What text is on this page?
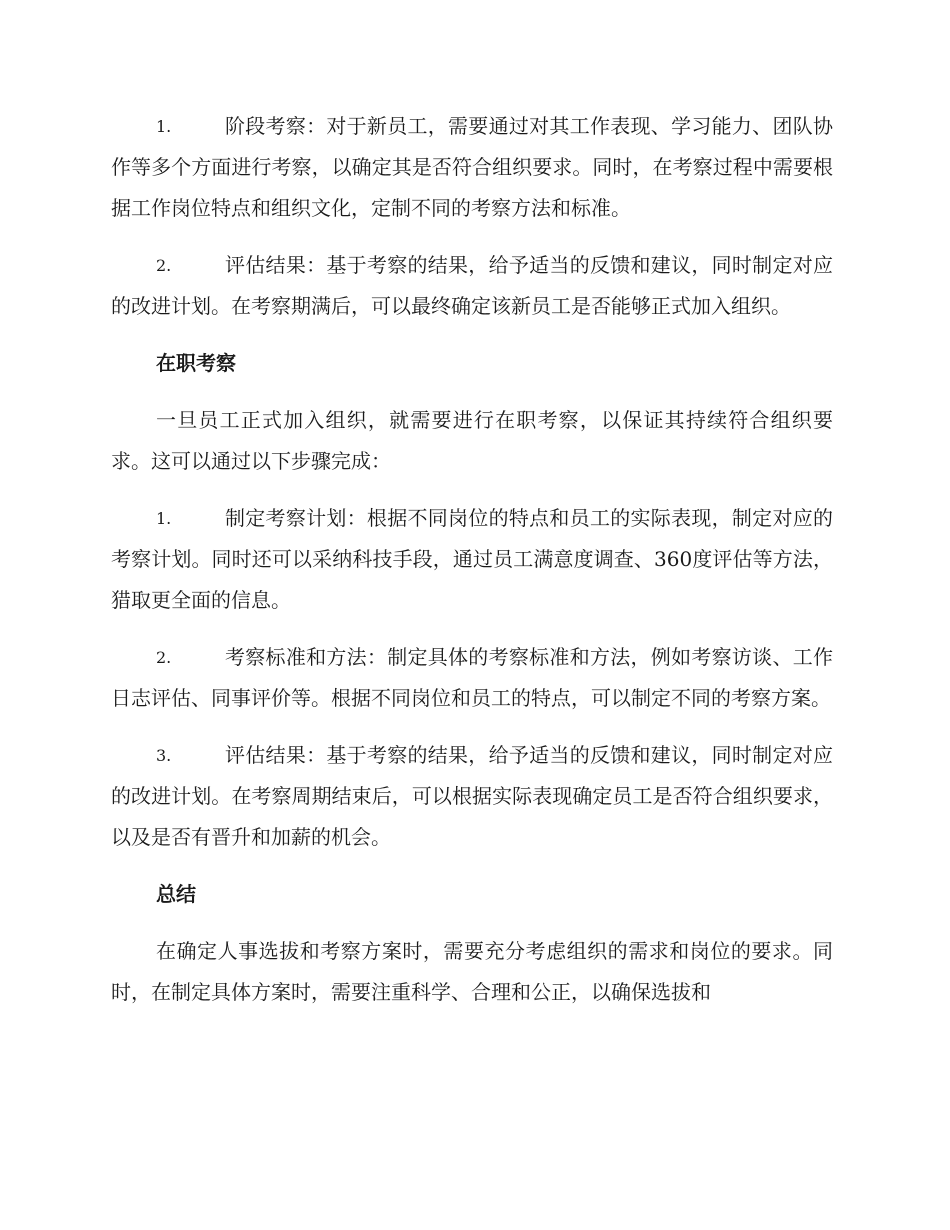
1.	阶段考察：对于新员工，需要通过对其工作表现、学习能力、团队协作等多个方面进行考察，以确定其是否符合组织要求。同时，在考察过程中需要根据工作岗位特点和组织文化，定制不同的考察方法和标准。
2.	评估结果：基于考察的结果，给予适当的反馈和建议，同时制定对应的改进计划。在考察期满后，可以最终确定该新员工是否能够正式加入组织。
在职考察
一旦员工正式加入组织，就需要进行在职考察，以保证其持续符合组织要求。这可以通过以下步骤完成：
1.	制定考察计划：根据不同岗位的特点和员工的实际表现，制定对应的考察计划。同时还可以采纳科技手段，通过员工满意度调查、360度评估等方法，猎取更全面的信息。
2.	考察标准和方法：制定具体的考察标准和方法，例如考察访谈、工作日志评估、同事评价等。根据不同岗位和员工的特点，可以制定不同的考察方案。
3.	评估结果：基于考察的结果，给予适当的反馈和建议，同时制定对应的改进计划。在考察周期结束后，可以根据实际表现确定员工是否符合组织要求，以及是否有晋升和加薪的机会。
总结
在确定人事选拔和考察方案时，需要充分考虑组织的需求和岗位的要求。同时，在制定具体方案时，需要注重科学、合理和公正，以确保选拔和
